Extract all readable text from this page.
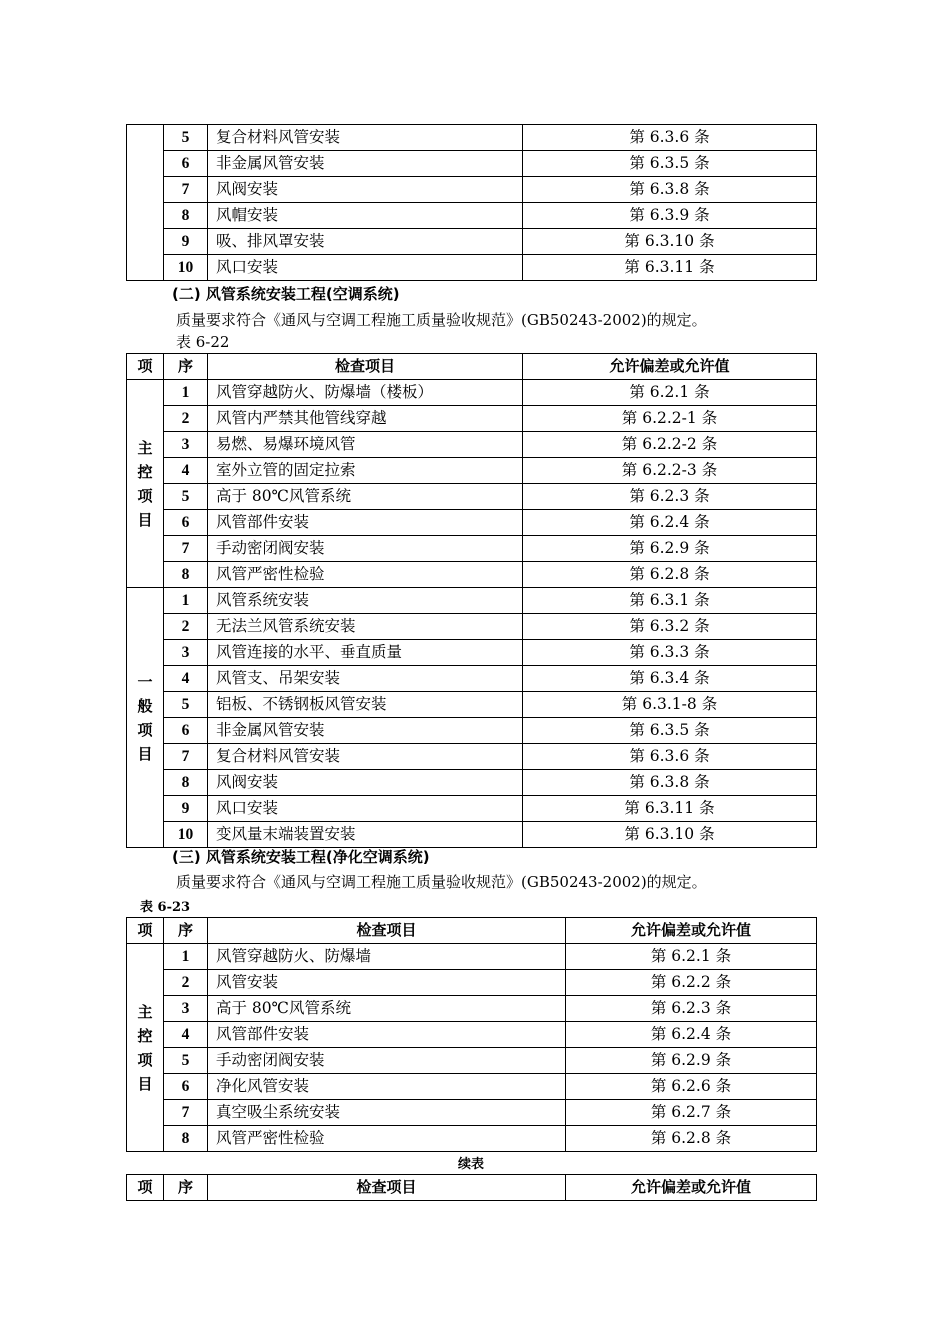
	5	复合材料风管安装	第 6.3.6 条
	6	非金属风管安装	第 6.3.5 条
	7	风阀安装	第 6.3.8 条
	8	风帽安装	第 6.3.9 条
	9	吸、排风罩安装	第 6.3.10 条
	10	风口安装	第 6.3.11 条
(二) 风管系统安装工程(空调系统)
质量要求符合《通风与空调工程施工质量验收规范》(GB50243-2002)的规定。
表 6-22
项	序	检查项目	允许偏差或允许值

主
控
项
目	1	风管穿越防火、防爆墙（楼板）	第 6.2.1 条
	2	风管内严禁其他管线穿越	第 6.2.2-1 条
	3	易燃、易爆环境风管	第 6.2.2-2 条
	4	室外立管的固定拉索	第 6.2.2-3 条
	5	高于 80℃风管系统	第 6.2.3 条
	6	风管部件安装	第 6.2.4 条
	7	手动密闭阀安装	第 6.2.9 条
	8	风管严密性检验	第 6.2.8 条

一
般
项
目	1	风管系统安装	第 6.3.1 条
	2	无法兰风管系统安装	第 6.3.2 条
	3	风管连接的水平、垂直质量	第 6.3.3 条
	4	风管支、吊架安装	第 6.3.4 条
	5	铝板、不锈钢板风管安装	第 6.3.1-8 条
	6	非金属风管安装	第 6.3.5 条
	7	复合材料风管安装	第 6.3.6 条
	8	风阀安装	第 6.3.8 条
	9	风口安装	第 6.3.11 条
	10	变风量末端装置安装	第 6.3.10 条
(三) 风管系统安装工程(净化空调系统)
质量要求符合《通风与空调工程施工质量验收规范》(GB50243-2002)的规定。
表 6-23
项	序	检查项目	允许偏差或允许值

主
控
项
目	1	风管穿越防火、防爆墙	第 6.2.1 条
	2	风管安装	第 6.2.2 条
	3	高于 80℃风管系统	第 6.2.3 条
	4	风管部件安装	第 6.2.4 条
	5	手动密闭阀安装	第 6.2.9 条
	6	净化风管安装	第 6.2.6 条
	7	真空吸尘系统安装	第 6.2.7 条
	8	风管严密性检验	第 6.2.8 条
续表
项	序	检查项目	允许偏差或允许值
